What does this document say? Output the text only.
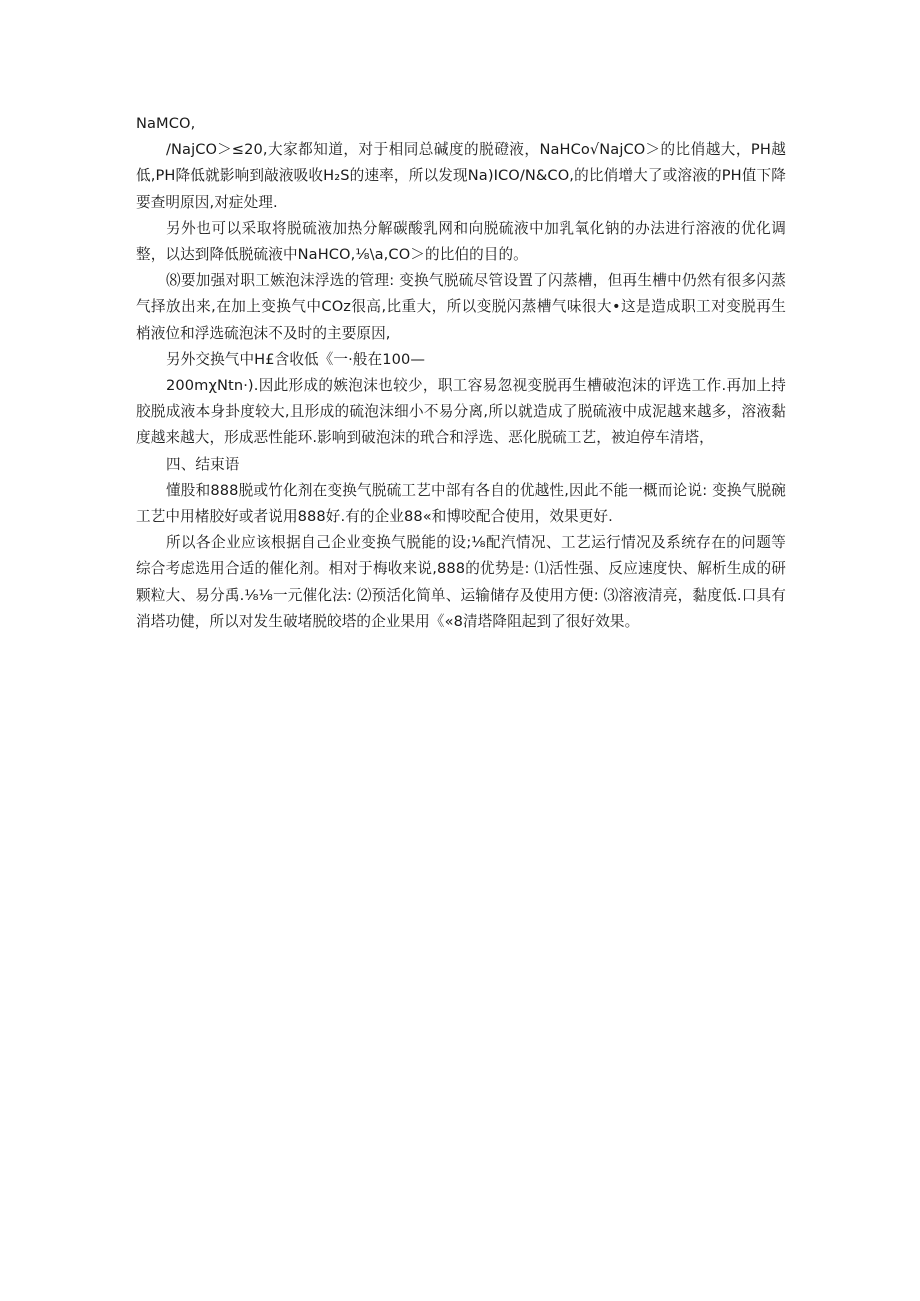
NaMCO,

/NajCO＞≤20,大家都知道，对于相同总碱度的脱磴液，NaHCo√NajCO＞的比俏越大，PH越低,PH降低就影响到敲液吸收H₂S的速率，所以发现Na)ICO/N&CO,的比俏增大了或溶液的PH值下降要查明原因,对症处理.

另外也可以采取将脱硫液加热分解碳酸乳网和向脱硫液中加乳氧化钠的办法进行溶液的优化调整，以达到降低脱硫液中NaHCO,⅛\a,CO＞的比伯的目的。

⑻要加强对职工嫉泡沫浮选的管理: 变换气脱硫尽管设置了闪蒸槽，但再生槽中仍然有很多闪蒸气择放出来,在加上变换气中COz很高,比重大，所以变脱闪蒸槽气味很大•这是造成职工对变脱再生梢液位和浮选硫泡沫不及时的主要原因,

另外交换气中H£含收低《一·般在100—

200mχNtn·).因此形成的嫉泡沫也较少，职工容易忽视变脱再生槽破泡沫的评选工作.再加上持胶脱成液本身卦度较大,且形成的硫泡沫细小不易分离,所以就造成了脱硫液中成泥越来越多，溶液黏度越来越大，形成恶性能环.影响到破泡沫的玳合和浮选、恶化脱硫工艺，被迫停车清塔，

四、结束语

懂股和888脱或竹化剂在变换气脱硫工艺中部有各自的优越性,因此不能一概而论说: 变换气脱碗工艺中用楮胶好或者说用888好.有的企业88«和博咬配合使用，效果更好.

所以各企业应该根据自己企业变换气脱能的设;⅛配汽情况、工艺运行情况及系统存在的问题等综合考虑选用合适的催化剂。相对于梅收来说,888的优势是: ⑴活性强、反应速度快、解析生成的研颗粒大、易分禹.⅛⅛一元催化法: ⑵预活化简单、运输储存及使用方便: ⑶溶液清亮，黏度低.口具有消塔功健，所以对发生破堵脱皎塔的企业果用《«8清塔降阻起到了很好效果。
